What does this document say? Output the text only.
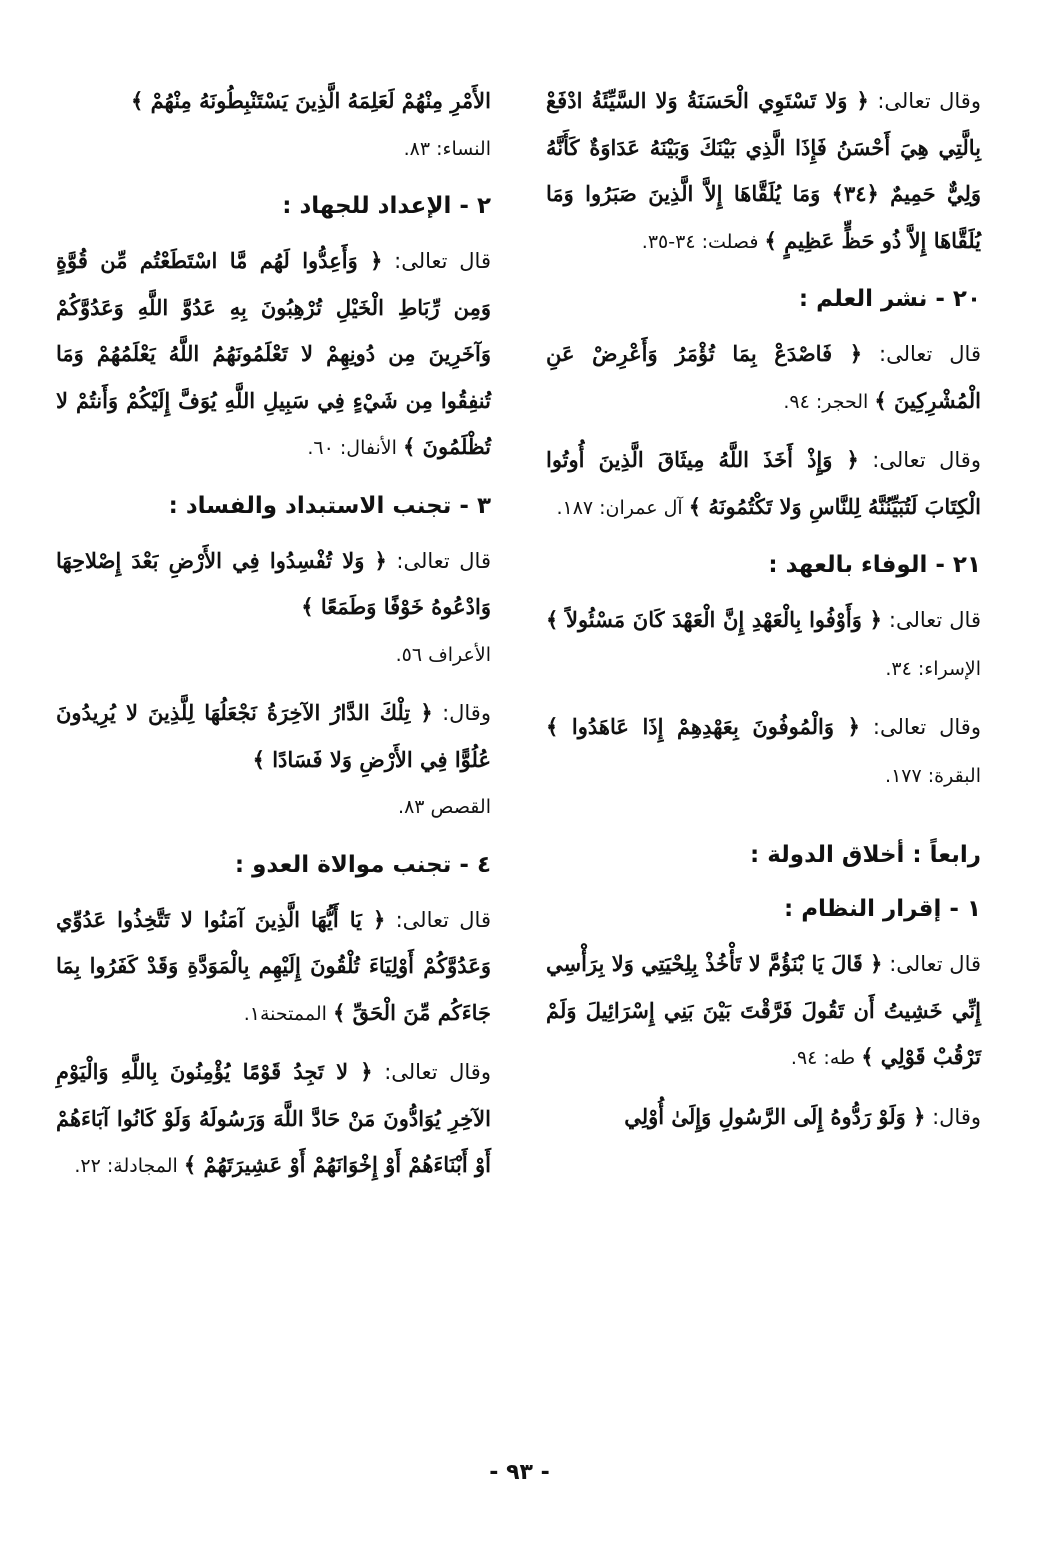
وقال تعالى: ﴿ وَلا تَسْتَوِي الْحَسَنَةُ وَلا السَّيِّئَةُ ادْفَعْ بِالَّتِي هِيَ أَحْسَنُ فَإِذَا الَّذِي بَيْنَكَ وَبَيْنَهُ عَدَاوَةٌ كَأَنَّهُ وَلِيٌّ حَمِيمٌ ﴿٣٤﴾ وَمَا يُلَقَّاهَا إِلاَّ الَّذِينَ صَبَرُوا وَمَا يُلَقَّاهَا إِلاَّ ذُو حَظٍّ عَظِيمٍ ﴾ فصلت: ٣٤-٣٥.

٢٠ - نشر العلم :

قال تعالى: ﴿ فَاصْدَعْ بِمَا تُؤْمَرُ وَأَعْرِضْ عَنِ الْمُشْرِكِينَ ﴾ الحجر: ٩٤.

وقال تعالى: ﴿ وَإِذْ أَخَذَ اللَّهُ مِيثَاقَ الَّذِينَ أُوتُوا الْكِتَابَ لَتُبَيِّنُنَّهُ لِلنَّاسِ وَلا تَكْتُمُونَهُ ﴾ آل عمران: ١٨٧.

٢١ - الوفاء بالعهد :

قال تعالى: ﴿ وَأَوْفُوا بِالْعَهْدِ إِنَّ الْعَهْدَ كَانَ مَسْئُولاً ﴾ الإسراء: ٣٤.

وقال تعالى: ﴿ وَالْمُوفُونَ بِعَهْدِهِمْ إِذَا عَاهَدُوا ﴾ البقرة: ١٧٧.

رابعاً : أخلاق الدولة :
١ - إقرار النظام :

قال تعالى: ﴿ قَالَ يَا بْنَؤُمَّ لا تَأْخُذْ بِلِحْيَتِي وَلا بِرَأْسِي إِنِّي خَشِيتُ أَن تَقُولَ فَرَّقْتَ بَيْنَ بَنِي إِسْرَائِيلَ وَلَمْ تَرْقُبْ قَوْلِي ﴾ طه: ٩٤.

وقال: ﴿ وَلَوْ رَدُّوهُ إِلَى الرَّسُولِ وَإِلَىٰ أُوْلِي

الأَمْرِ مِنْهُمْ لَعَلِمَهُ الَّذِينَ يَسْتَنْبِطُونَهُ مِنْهُمْ ﴾
النساء: ٨٣.

٢ - الإعداد للجهاد :

قال تعالى: ﴿ وَأَعِدُّوا لَهُم مَّا اسْتَطَعْتُم مِّن قُوَّةٍ وَمِن رِّبَاطِ الْخَيْلِ تُرْهِبُونَ بِهِ عَدُوَّ اللَّهِ وَعَدُوَّكُمْ وَآخَرِينَ مِن دُونِهِمْ لا تَعْلَمُونَهُمُ اللَّهُ يَعْلَمُهُمْ وَمَا تُنفِقُوا مِن شَيْءٍ فِي سَبِيلِ اللَّهِ يُوَفَّ إِلَيْكُمْ وَأَنتُمْ لا تُظْلَمُونَ ﴾ الأنفال: ٦٠.

٣ - تجنب الاستبداد والفساد :

قال تعالى: ﴿ وَلا تُفْسِدُوا فِي الأَرْضِ بَعْدَ إِصْلاحِهَا وَادْعُوهُ خَوْفًا وَطَمَعًا ﴾
الأعراف ٥٦.

وقال: ﴿ تِلْكَ الدَّارُ الآخِرَةُ نَجْعَلُهَا لِلَّذِينَ لا يُرِيدُونَ عُلُوًّا فِي الأَرْضِ وَلا فَسَادًا ﴾
القصص ٨٣.

٤ - تجنب موالاة العدو :

قال تعالى: ﴿ يَا أَيُّهَا الَّذِينَ آمَنُوا لا تَتَّخِذُوا عَدُوِّي وَعَدُوَّكُمْ أَوْلِيَاءَ تُلْقُونَ إِلَيْهِم بِالْمَوَدَّةِ وَقَدْ كَفَرُوا بِمَا جَاءَكُم مِّنَ الْحَقِّ ﴾ الممتحنة١.

وقال تعالى: ﴿ لا تَجِدُ قَوْمًا يُؤْمِنُونَ بِاللَّهِ وَالْيَوْمِ الآخِرِ يُوَادُّونَ مَنْ حَادَّ اللَّهَ وَرَسُولَهُ وَلَوْ كَانُوا آبَاءَهُمْ أَوْ أَبْنَاءَهُمْ أَوْ إِخْوَانَهُمْ أَوْ عَشِيرَتَهُمْ ﴾ المجادلة: ٢٢.

- ٩٣ -
